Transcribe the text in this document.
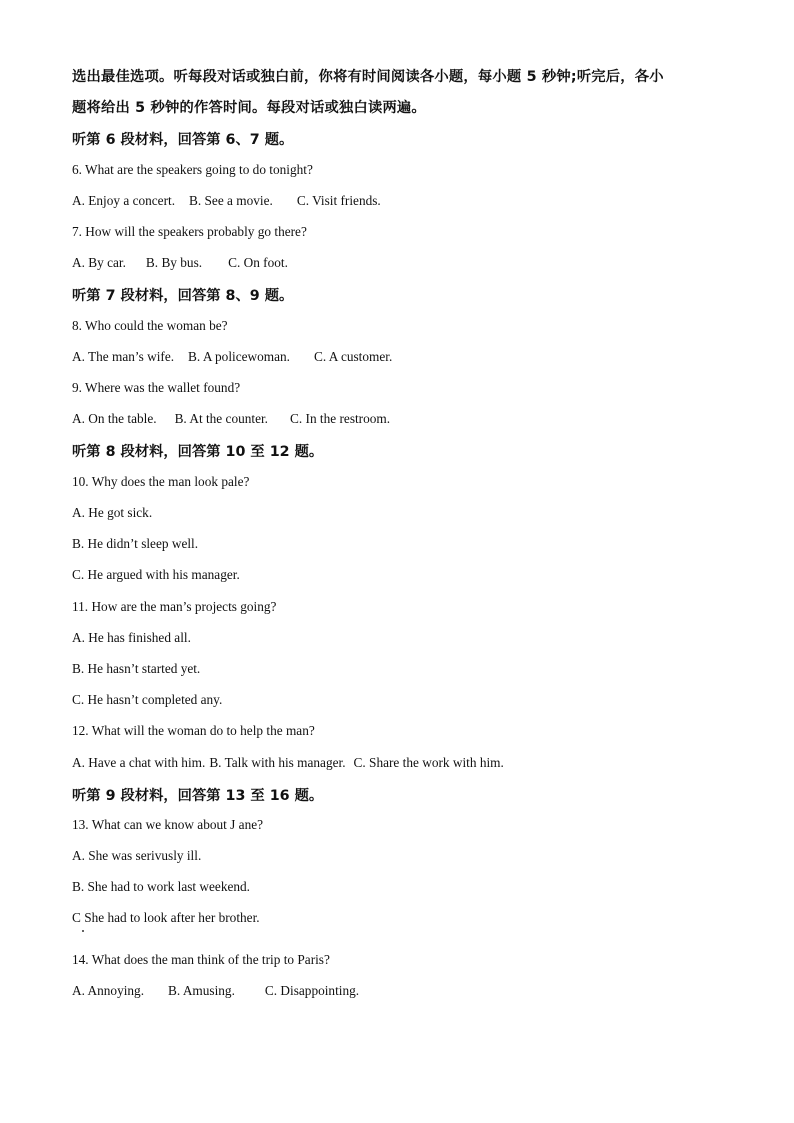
选出最佳选项。听每段对话或独白前，你将有时间阅读各小题，每小题 5 秒钟;听完后，各小
题将给出 5 秒钟的作答时间。每段对话或独白读两遍。
听第 6 段材料，回答第 6、7 题。
6. What are the speakers going to do tonight?
A. Enjoy a concert. B. See a movie. C. Visit friends.
7. How will the speakers probably go there?
A. By car. B. By bus. C. On foot.
听第 7 段材料，回答第 8、9 题。
8. Who could the woman be?
A. The man’s wife. B. A policewoman. C. A customer.
9. Where was the wallet found?
A. On the table. B. At the counter. C. In the restroom.
听第 8 段材料，回答第 10 至 12 题。
10. Why does the man look pale?
A. He got sick.
B. He didn’t sleep well.
C. He argued with his manager.
11. How are the man’s projects going?
A. He has finished all.
B. He hasn’t started yet.
C. He hasn’t completed any.
12. What will the woman do to help the man?
A. Have a chat with him. B. Talk with his manager. C. Share the work with him.
听第 9 段材料，回答第 13 至 16 题。
13. What can we know about J ane?
A. She was serivusly ill.
B. She had to work last weekend.
C She had to look after her brother.
14. What does the man think of the trip to Paris?
A. Annoying. B. Amusing. C. Disappointing.
